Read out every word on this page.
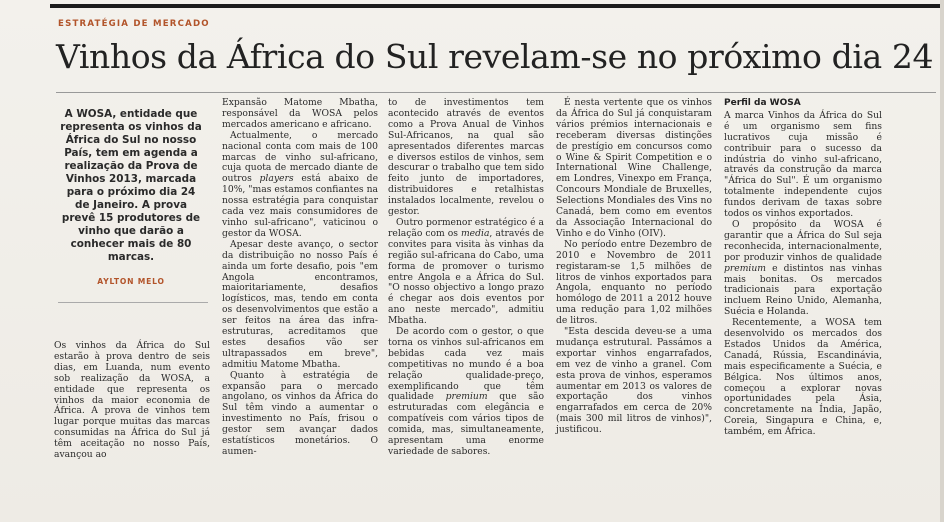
ESTRATÉGIA DE MERCADO
Vinhos da África do Sul revelam-se no próximo dia 24
A WOSA, entidade que representa os vinhos da África do Sul no nosso País, tem em agenda a realização da Prova de Vinhos 2013, marcada para o próximo dia 24 de Janeiro. A prova prevê 15 produtores de vinho que darão a conhecer mais de 80 marcas.
AYLTON MELO

Os vinhos da África do Sul estarão à prova dentro de seis dias, em Luanda, num evento sob realização da WOSA, a entidade que representa os vinhos da maior economia de África. A prova de vinhos tem lugar porque muitas das marcas consumidas na África do Sul já têm aceitação no nosso País, avançou ao

Expansão Matome Mbatha, responsável da WOSA pelos mercados americano e africano.

Actualmente, o mercado nacional conta com mais de 100 marcas de vinho sul-africano, cuja quota de mercado diante de outros players está abaixo de 10%, "mas estamos confiantes na nossa estratégia para conquistar cada vez mais consumidores de vinho sul-africano", vaticinou o gestor da WOSA.

Apesar deste avanço, o sector da distribuição no nosso País é ainda um forte desafio, pois "em Angola encontramos, maioritariamente, desafios logísticos, mas, tendo em conta os desenvolvimentos que estão a ser feitos na área das infra-estruturas, acreditamos que estes desafios vão ser ultrapassados em breve", admitiu Matome Mbatha.

Quanto à estratégia de expansão para o mercado angolano, os vinhos da África do Sul têm vindo a aumentar o investimento no País, frisou o gestor sem avançar dados estatísticos monetários. O aumen-

to de investimentos tem acontecido através de eventos como a Prova Anual de Vinhos Sul-Africanos, na qual são apresentados diferentes marcas e diversos estilos de vinhos, sem descurar o trabalho que tem sido feito junto de importadores, distribuidores e retalhistas instalados localmente, revelou o gestor.

Outro pormenor estratégico é a relação com os media, através de convites para visita às vinhas da região sul-africana do Cabo, uma forma de promover o turismo entre Angola e a África do Sul. "O nosso objectivo a longo prazo é chegar aos dois eventos por ano neste mercado", admitiu Mbatha.

De acordo com o gestor, o que torna os vinhos sul-africanos em bebidas cada vez mais competitivas no mundo é a boa relação qualidade-preço, exemplificando que têm qualidade premium que são estruturadas com elegância e compatíveis com vários tipos de comida, mas, simultaneamente, apresentam uma enorme variedade de sabores.

É nesta vertente que os vinhos da África do Sul já conquistaram vários prémios internacionais e receberam diversas distinções de prestígio em concursos como o Wine & Spirit Competition e o International Wine Challenge, em Londres, Vinexpo em França, Concours Mondiale de Bruxelles, Selections Mondiales des Vins no Canadá, bem como em eventos da Associação Internacional do Vinho e do Vinho (OIV).

No período entre Dezembro de 2010 e Novembro de 2011 registaram-se 1,5 milhões de litros de vinhos exportados para Angola, enquanto no período homólogo de 2011 a 2012 houve uma redução para 1,02 milhões de litros.

"Esta descida deveu-se a uma mudança estrutural. Passámos a exportar vinhos engarrafados, em vez de vinho a granel. Com esta prova de vinhos, esperamos aumentar em 2013 os valores de exportação dos vinhos engarrafados em cerca de 20% (mais 300 mil litros de vinhos)", justificou.

Perfil da WOSA

A marca Vinhos da África do Sul é um organismo sem fins lucrativos cuja missão é contribuir para o sucesso da indústria do vinho sul-africano, através da construção da marca "África do Sul". É um organismo totalmente independente cujos fundos derivam de taxas sobre todos os vinhos exportados.

O propósito da WOSA é garantir que a África do Sul seja reconhecida, internacionalmente, por produzir vinhos de qualidade premium e distintos nas vinhas mais bonitas. Os mercados tradicionais para exportação incluem Reino Unido, Alemanha, Suécia e Holanda.

Recentemente, a WOSA tem desenvolvido os mercados dos Estados Unidos da América, Canadá, Rússia, Escandinávia, mais especificamente a Suécia, e Bélgica. Nos últimos anos, começou a explorar novas oportunidades pela Ásia, concretamente na Índia, Japão, Coreia, Singapura e China, e, também, em África.
